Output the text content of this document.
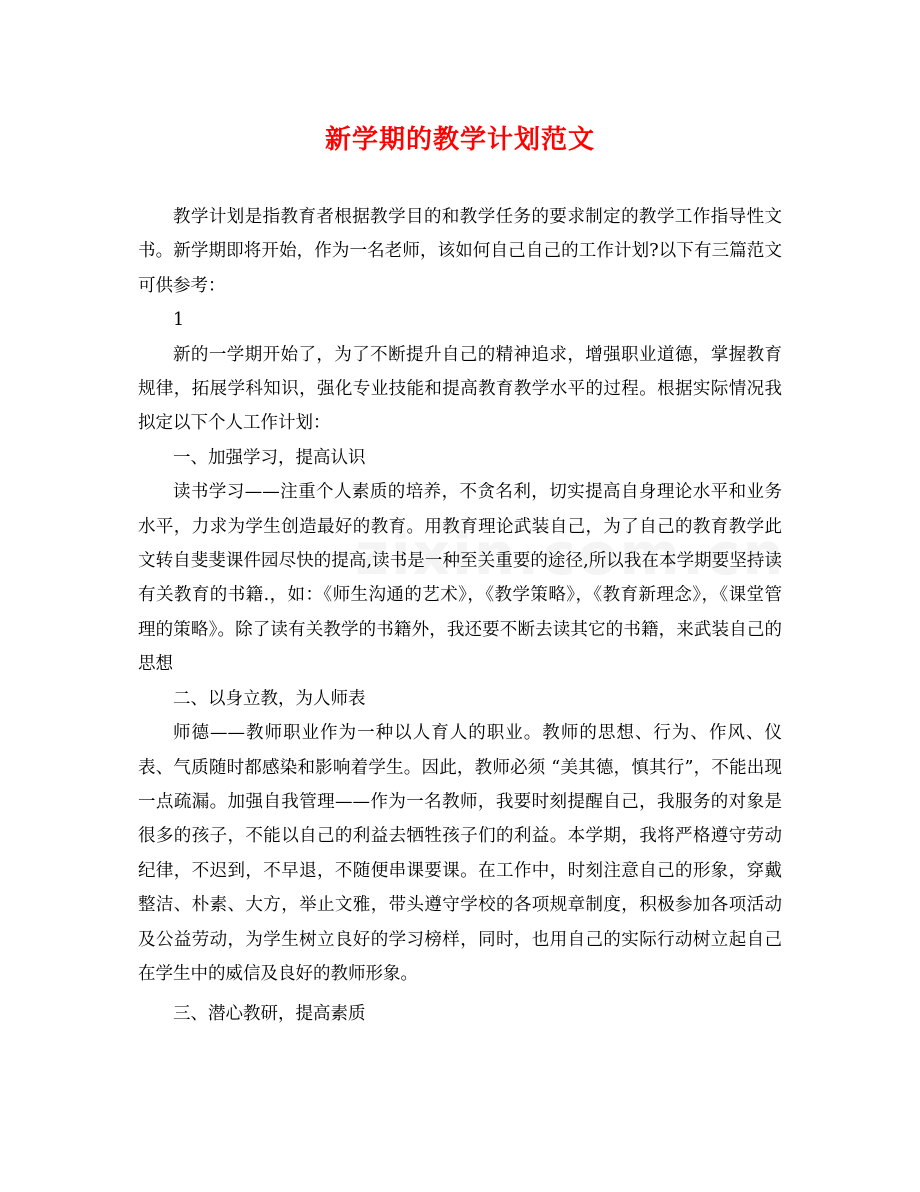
新学期的教学计划范文

教学计划是指教育者根据教学目的和教学任务的要求制定的教学工作指导性文书。新学期即将开始，作为一名老师，该如何自己自己的工作计划?以下有三篇范文可供参考：

1

新的一学期开始了，为了不断提升自己的精神追求，增强职业道德，掌握教育规律，拓展学科知识，强化专业技能和提高教育教学水平的过程。根据实际情况我拟定以下个人工作计划：

一、加强学习，提高认识

读书学习——注重个人素质的培养，不贪名利，切实提高自身理论水平和业务水平，力求为学生创造最好的教育。用教育理论武装自己，为了自己的教育教学此文转自斐斐课件园尽快的提高,读书是一种至关重要的途径,所以我在本学期要坚持读有关教育的书籍.，如：《师生沟通的艺术》，《教学策略》，《教育新理念》，《课堂管理的策略》。除了读有关教学的书籍外，我还要不断去读其它的书籍，来武装自己的思想

二、以身立教，为人师表

师德——教师职业作为一种以人育人的职业。教师的思想、行为、作风、仪表、气质随时都感染和影响着学生。因此，教师必须 “美其德，慎其行”，不能出现一点疏漏。加强自我管理——作为一名教师，我要时刻提醒自己，我服务的对象是很多的孩子，不能以自己的利益去牺牲孩子们的利益。本学期，我将严格遵守劳动纪律，不迟到，不早退，不随便串课要课。在工作中，时刻注意自己的形象，穿戴整洁、朴素、大方，举止文雅，带头遵守学校的各项规章制度，积极参加各项活动及公益劳动，为学生树立良好的学习榜样，同时，也用自己的实际行动树立起自己在学生中的威信及良好的教师形象。

三、潜心教研，提高素质
